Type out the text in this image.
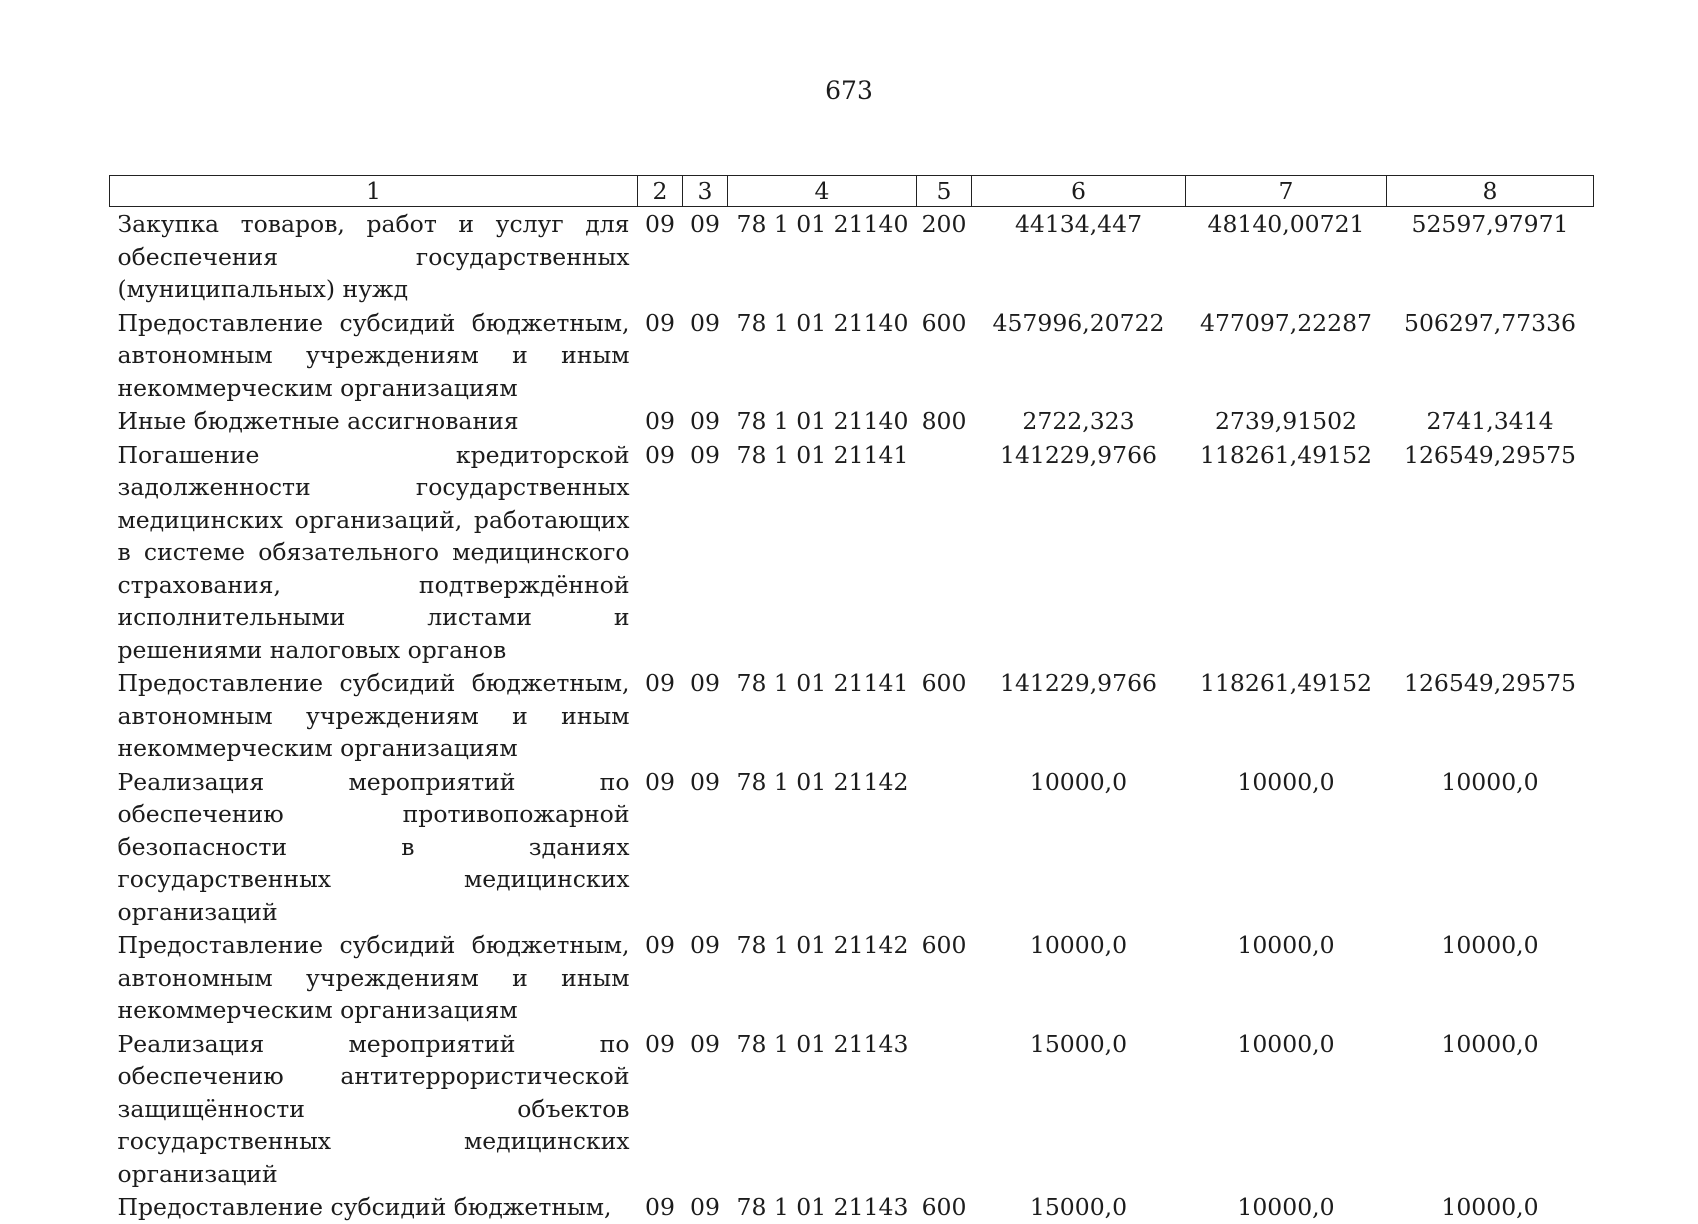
673
1	2	3	4	5	6	7	8
Закупка товаров, работ и услуг для обеспечения государственных (муниципальных) нужд	09	09	78 1 01 21140	200	44134,447	48140,00721	52597,97971
Предоставление субсидий бюджетным, автономным учреждениям и иным некоммерческим организациям	09	09	78 1 01 21140	600	457996,20722	477097,22287	506297,77336
Иные бюджетные ассигнования	09	09	78 1 01 21140	800	2722,323	2739,91502	2741,3414
Погашение кредиторской задолженности государственных медицинских организаций, работающих в системе обязательного медицинского страхования, подтверждённой исполнительными листами и решениями налоговых органов	09	09	78 1 01 21141		141229,9766	118261,49152	126549,29575
Предоставление субсидий бюджетным, автономным учреждениям и иным некоммерческим организациям	09	09	78 1 01 21141	600	141229,9766	118261,49152	126549,29575
Реализация мероприятий по обеспечению противопожарной безопасности в зданиях государственных медицинских организаций	09	09	78 1 01 21142		10000,0	10000,0	10000,0
Предоставление субсидий бюджетным, автономным учреждениям и иным некоммерческим организациям	09	09	78 1 01 21142	600	10000,0	10000,0	10000,0
Реализация мероприятий по обеспечению антитеррористической защищённости объектов государственных медицинских организаций	09	09	78 1 01 21143		15000,0	10000,0	10000,0
Предоставление субсидий бюджетным,	09	09	78 1 01 21143	600	15000,0	10000,0	10000,0
